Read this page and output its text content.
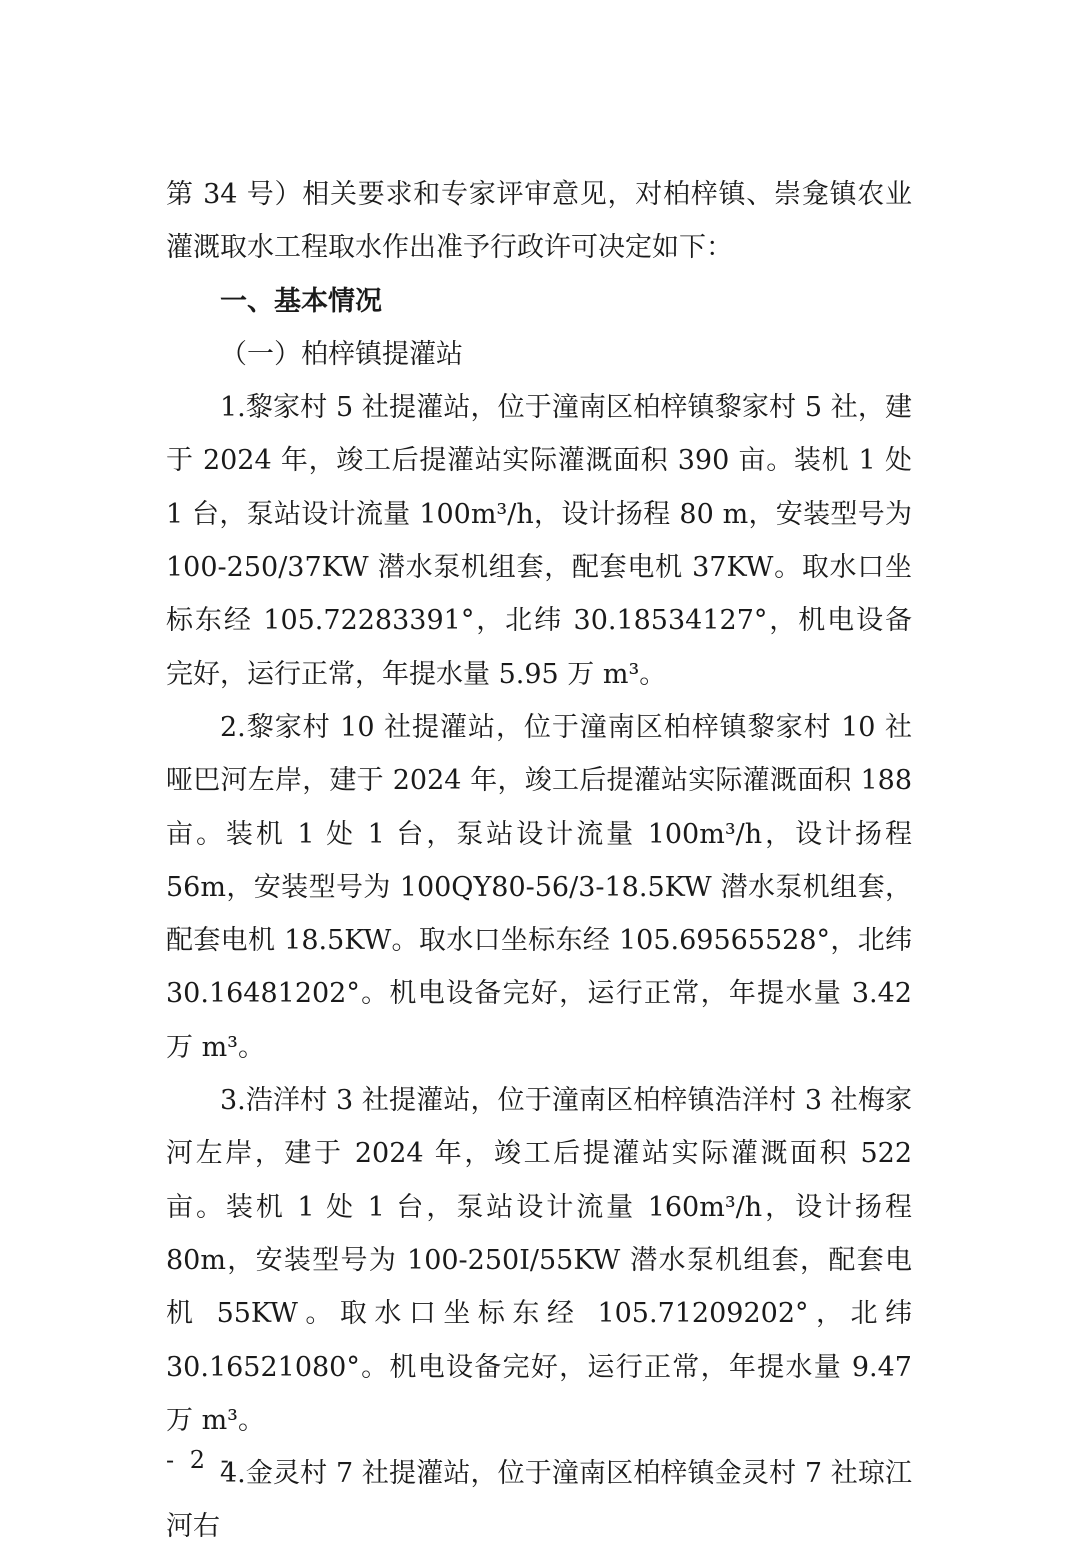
第 34 号）相关要求和专家评审意见，对柏梓镇、崇龛镇农业灌溉取水工程取水作出准予行政许可决定如下：

一、基本情况

（一）柏梓镇提灌站

1.黎家村 5 社提灌站，位于潼南区柏梓镇黎家村 5 社，建于 2024 年，竣工后提灌站实际灌溉面积 390 亩。装机 1 处 1 台，泵站设计流量 100m³/h，设计扬程 80 m，安装型号为 100-250/37KW 潜水泵机组套，配套电机 37KW。取水口坐标东经 105.72283391°，北纬 30.18534127°，机电设备完好，运行正常，年提水量 5.95 万 m³。

2.黎家村 10 社提灌站，位于潼南区柏梓镇黎家村 10 社哑巴河左岸，建于 2024 年，竣工后提灌站实际灌溉面积 188 亩。装机 1 处 1 台，泵站设计流量 100m³/h，设计扬程 56m，安装型号为 100QY80-56/3-18.5KW 潜水泵机组套，配套电机 18.5KW。取水口坐标东经 105.69565528°，北纬 30.16481202°。机电设备完好，运行正常，年提水量 3.42 万 m³。

3.浩洋村 3 社提灌站，位于潼南区柏梓镇浩洋村 3 社梅家河左岸，建于 2024 年，竣工后提灌站实际灌溉面积 522 亩。装机 1 处 1 台，泵站设计流量 160m³/h，设计扬程 80m，安装型号为 100-250I/55KW 潜水泵机组套，配套电机 55KW。取水口坐标东经 105.71209202°，北纬 30.16521080°。机电设备完好，运行正常，年提水量 9.47 万 m³。

4.金灵村 7 社提灌站，位于潼南区柏梓镇金灵村 7 社琼江河右

- 2 -
